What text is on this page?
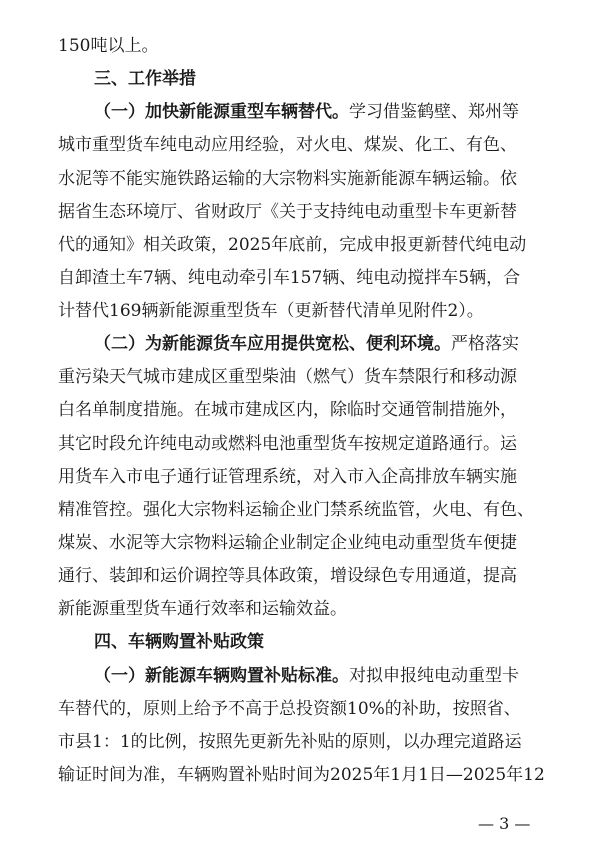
150吨以上。
三、工作举措
（一）加快新能源重型车辆替代。学习借鉴鹤壁、郑州等
城市重型货车纯电动应用经验，对火电、煤炭、化工、有色、
水泥等不能实施铁路运输的大宗物料实施新能源车辆运输。依
据省生态环境厅、省财政厅《关于支持纯电动重型卡车更新替
代的通知》相关政策，2025年底前，完成申报更新替代纯电动
自卸渣土车7辆、纯电动牵引车157辆、纯电动搅拌车5辆，合
计替代169辆新能源重型货车（更新替代清单见附件2）。
（二）为新能源货车应用提供宽松、便利环境。严格落实
重污染天气城市建成区重型柴油（燃气）货车禁限行和移动源
白名单制度措施。在城市建成区内，除临时交通管制措施外，
其它时段允许纯电动或燃料电池重型货车按规定道路通行。运
用货车入市电子通行证管理系统，对入市入企高排放车辆实施
精准管控。强化大宗物料运输企业门禁系统监管，火电、有色、
煤炭、水泥等大宗物料运输企业制定企业纯电动重型货车便捷
通行、装卸和运价调控等具体政策，增设绿色专用通道，提高
新能源重型货车通行效率和运输效益。
四、车辆购置补贴政策
（一）新能源车辆购置补贴标准。对拟申报纯电动重型卡
车替代的，原则上给予不高于总投资额10%的补助，按照省、
— 3 —
市县1：1的比例，按照先更新先补贴的原则，以办理完道路运
输证时间为准，车辆购置补贴时间为2025年1月1日—2025年12
